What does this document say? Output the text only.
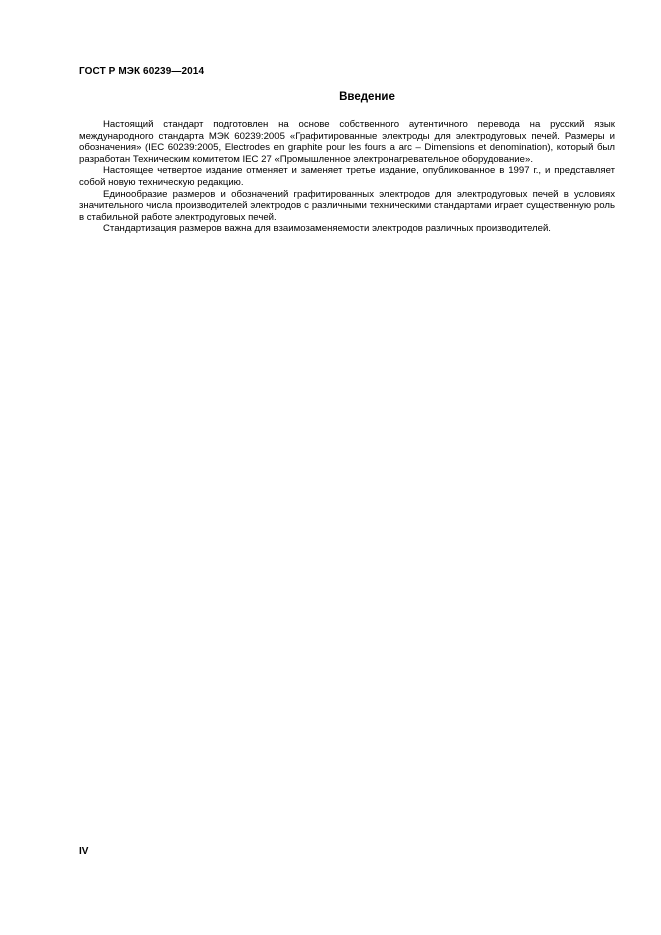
ГОСТ Р МЭК 60239—2014
Введение

Настоящий стандарт подготовлен на основе собственного аутентичного перевода на русский язык международного стандарта МЭК 60239:2005 «Графитированные электроды для электродуговых печей. Размеры и обозначения» (IEC 60239:2005, Electrodes en graphite pour les fours a arc – Dimensions et denomination), который был разработан Техническим комитетом IEC 27 «Промышленное электронагревательное оборудование».

Настоящее четвертое издание отменяет и заменяет третье издание, опубликованное в 1997 г., и представляет собой новую техническую редакцию.

Единообразие размеров и обозначений графитированных электродов для электродуговых печей в условиях значительного числа производителей электродов с различными техническими стандартами играет существенную роль в стабильной работе электродуговых печей.

Стандартизация размеров важна для взаимозаменяемости электродов различных производителей.

IV
